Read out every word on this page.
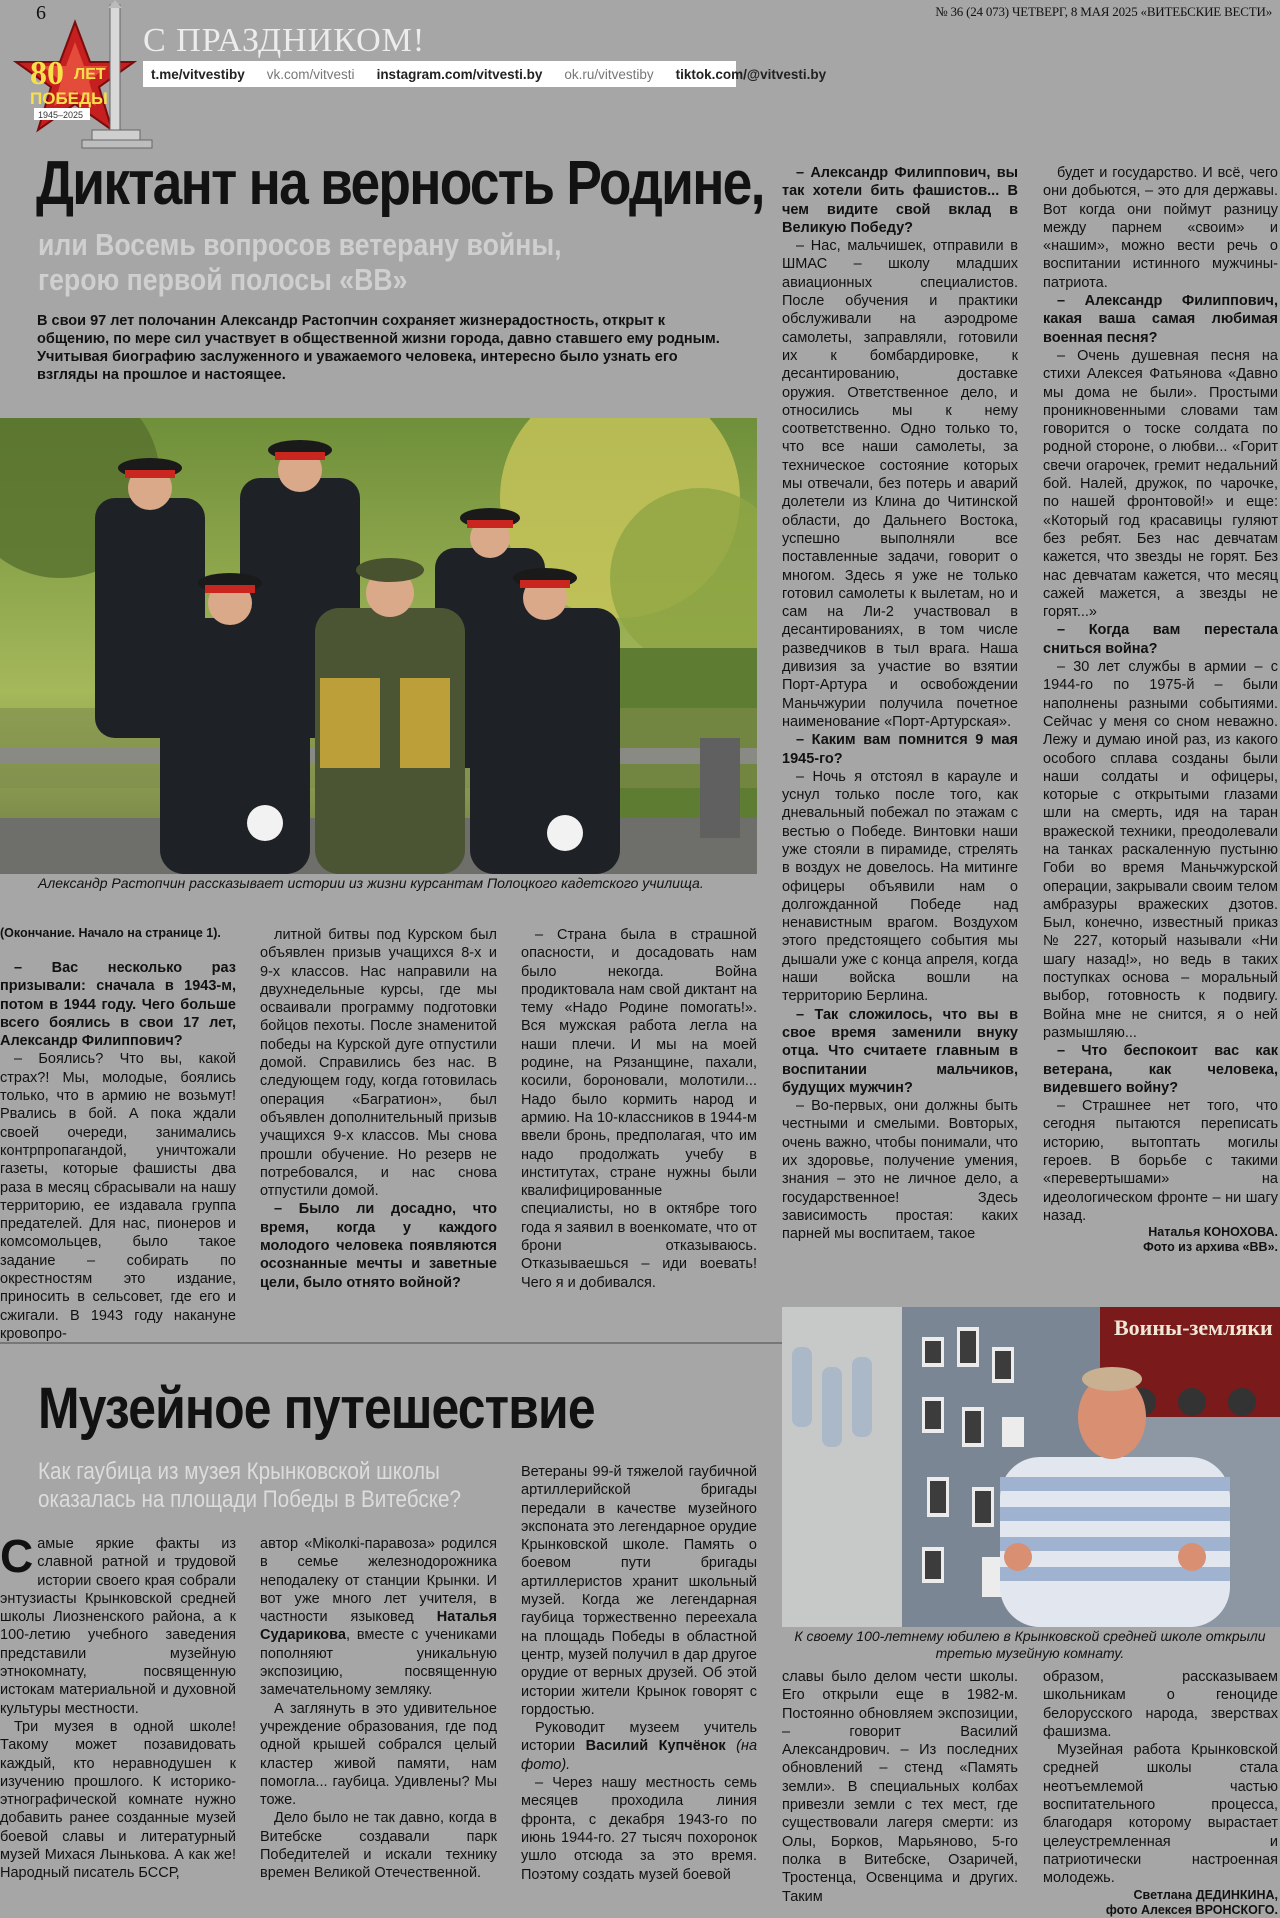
6	№ 36 (24 073) ЧЕТВЕРГ, 8 МАЯ 2025 «ВИТЕБСКИЕ ВЕСТИ»
80 ЛЕТ
ПОБЕДЫ
1945–2025
С ПРАЗДНИКОМ!
t.me/vitvestiby vk.com/vitvesti instagram.com/vitvesti.by ok.ru/vitvestiby tiktok.com/@vitvesti.by
Диктант на верность Родине,
или Восемь вопросов ветерану войны,
герою первой полосы «ВВ»
В свои 97 лет полочанин Александр Растопчин сохраняет жизнерадостность, открыт к общению, по мере сил участвует в общественной жизни города, давно ставшего ему родным. Учитывая биографию заслуженного и уважаемого человека, интересно было узнать его взгляды на прошлое и настоящее.
Александр Растопчин рассказывает истории из жизни курсантам Полоцкого кадетского училища.

(Окончание. Начало на странице 1).

– Вас несколько раз призывали: сначала в 1943-м, потом в 1944 году. Чего больше всего боялись в свои 17 лет, Александр Филиппович?

– Боялись? Что вы, какой страх?! Мы, молодые, боялись только, что в армию не возьмут! Рвались в бой. А пока ждали своей очереди, занимались контрпропагандой, уничтожали газеты, которые фашисты два раза в месяц сбрасывали на нашу территорию, ее издавала группа предателей. Для нас, пионеров и комсомольцев, было такое задание – собирать по окрестностям это издание, приносить в сельсовет, где его и сжигали. В 1943 году накануне кровопро-

литной битвы под Курском был объявлен призыв учащихся 8-х и 9-х классов. Нас направили на двухнедельные курсы, где мы осваивали программу подготовки бойцов пехоты. После знаменитой победы на Курской дуге отпустили домой. Справились без нас. В следующем году, когда готовилась операция «Багратион», был объявлен дополнительный призыв учащихся 9-х классов. Мы снова прошли обучение. Но резерв не потребовался, и нас снова отпустили домой.

– Было ли досадно, что время, когда у каждого молодого человека появляются осознанные мечты и заветные цели, было отнято войной?

– Страна была в страшной опасности, и досадовать нам было некогда. Война продиктовала нам свой диктант на тему «Надо Родине помогать!». Вся мужская работа легла на наши плечи. И мы на моей родине, на Рязанщине, пахали, косили, бороновали, молотили... Надо было кормить народ и армию. На 10-классников в 1944-м ввели бронь, предполагая, что им надо продолжать учебу в институтах, стране нужны были квалифицированные специалисты, но в октябре того года я заявил в военкомате, что от брони отказываюсь. Отказываешься – иди воевать! Чего я и добивался.

– Александр Филиппович, вы так хотели бить фашистов... В чем видите свой вклад в Великую Победу?

– Нас, мальчишек, отправили в ШМАС – школу младших авиационных специалистов. После обучения и практики обслуживали на аэродроме самолеты, заправляли, готовили их к бомбардировке, к десантированию, доставке оружия. Ответственное дело, и относились мы к нему соответственно. Одно только то, что все наши самолеты, за техническое состояние которых мы отвечали, без потерь и аварий долетели из Клина до Читинской области, до Дальнего Востока, успешно выполняли все поставленные задачи, говорит о многом. Здесь я уже не только готовил самолеты к вылетам, но и сам на Ли-2 участвовал в десантированиях, в том числе разведчиков в тыл врага. Наша дивизия за участие во взятии Порт-Артура и освобождении Маньчжурии получила почетное наименование «Порт-Артурская».

– Каким вам помнится 9 мая 1945-го?

– Ночь я отстоял в карауле и уснул только после того, как дневальный побежал по этажам с вестью о Победе. Винтовки наши уже стояли в пирамиде, стрелять в воздух не довелось. На митинге офицеры объявили нам о долгожданной Победе над ненавистным врагом. Воздухом этого предстоящего события мы дышали уже с конца апреля, когда наши войска вошли на территорию Берлина.

– Так сложилось, что вы в свое время заменили внуку отца. Что считаете главным в воспитании мальчиков, будущих мужчин?

– Во-первых, они должны быть честными и смелыми. Вовторых, очень важно, чтобы понимали, что их здоровье, получение умения, знания – это не личное дело, а государственное! Здесь зависимость простая: каких парней мы воспитаем, такое

будет и государство. И всё, чего они добьются, – это для державы. Вот когда они поймут разницу между парнем «своим» и «нашим», можно вести речь о воспитании истинного мужчины-патриота.

– Александр Филиппович, какая ваша самая любимая военная песня?

– Очень душевная песня на стихи Алексея Фатьянова «Давно мы дома не были». Простыми проникновенными словами там говорится о тоске солдата по родной стороне, о любви... «Горит свечи огарочек, гремит недальний бой. Налей, дружок, по чарочке, по нашей фронтовой!» и еще: «Который год красавицы гуляют без ребят. Без нас девчатам кажется, что звезды не горят. Без нас девчатам кажется, что месяц сажей мажется, а звезды не горят...»

– Когда вам перестала сниться война?

– 30 лет службы в армии – с 1944-го по 1975-й – были наполнены разными событиями. Сейчас у меня со сном неважно. Лежу и думаю иной раз, из какого особого сплава созданы были наши солдаты и офицеры, которые с открытыми глазами шли на смерть, идя на таран вражеской техники, преодолевали на танках раскаленную пустыню Гоби во время Маньчжурской операции, закрывали своим телом амбразуры вражеских дзотов. Был, конечно, известный приказ № 227, который называли «Ни шагу назад!», но ведь в таких поступках основа – моральный выбор, готовность к подвигу. Война мне не снится, я о ней размышляю...

– Что беспокоит вас как ветерана, как человека, видевшего войну?

– Страшнее нет того, что сегодня пытаются переписать историю, вытоптать могилы героев. В борьбе с такими «перевертышами» на идеологическом фронте – ни шагу назад.

Наталья КОНОХОВА.

Фото из архива «ВВ».

Музейное путешествие
Как гаубица из музея Крынковской школы
оказалась на площади Победы в Витебске?
Воины-земляки
К своему 100-летнему юбилею в Крынковской средней школе открыли третью музейную комнату.

Самые яркие факты из славной ратной и трудовой истории своего края собрали энтузиасты Крынковской средней школы Лиозненского района, а к 100-летию учебного заведения представили музейную этнокомнату, посвященную истокам материальной и духовной культуры местности.

Три музея в одной школе! Такому может позавидовать каждый, кто неравнодушен к изучению прошлого. К историко-этнографической комнате нужно добавить ранее созданные музей боевой славы и литературный музей Михася Лынькова. А как же! Народный писатель БССР,

автор «Міколкі-паравоза» родился в семье железнодорожника неподалеку от станции Крынки. И вот уже много лет учителя, в частности языковед Наталья Сударикова, вместе с учениками пополняют уникальную экспозицию, посвященную замечательному земляку.

А заглянуть в это удивительное учреждение образования, где под одной крышей собрался целый кластер живой памяти, нам помогла... гаубица. Удивлены? Мы тоже.

Дело было не так давно, когда в Витебске создавали парк Победителей и искали технику времен Великой Отечественной.

Ветераны 99-й тяжелой гаубичной артиллерийской бригады передали в качестве музейного экспоната это легендарное орудие Крынковской школе. Память о боевом пути бригады артиллеристов хранит школьный музей. Когда же легендарная гаубица торжественно переехала на площадь Победы в областной центр, музей получил в дар другое орудие от верных друзей. Об этой истории жители Крынок говорят с гордостью.

Руководит музеем учитель истории Василий Купчёнок (на фото).

– Через нашу местность семь месяцев проходила линия фронта, с декабря 1943-го по июнь 1944-го. 27 тысяч похоронок ушло отсюда за это время. Поэтому создать музей боевой

славы было делом чести школы. Его открыли еще в 1982-м. Постоянно обновляем экспозиции, – говорит Василий Александрович. – Из последних обновлений – стенд «Память земли». В специальных колбах привезли земли с тех мест, где существовали лагеря смерти: из Олы, Борков, Марьяново, 5-го полка в Витебске, Озаричей, Тростенца, Освенцима и других. Таким

образом, рассказываем школьникам о геноциде белорусского народа, зверствах фашизма.

Музейная работа Крынковской средней школы стала неотъемлемой частью воспитательного процесса, благодаря которому вырастает целеустремленная и патриотически настроенная молодежь.

Светлана ДЕДИНКИНА,

фото Алексея ВРОНСКОГО.
